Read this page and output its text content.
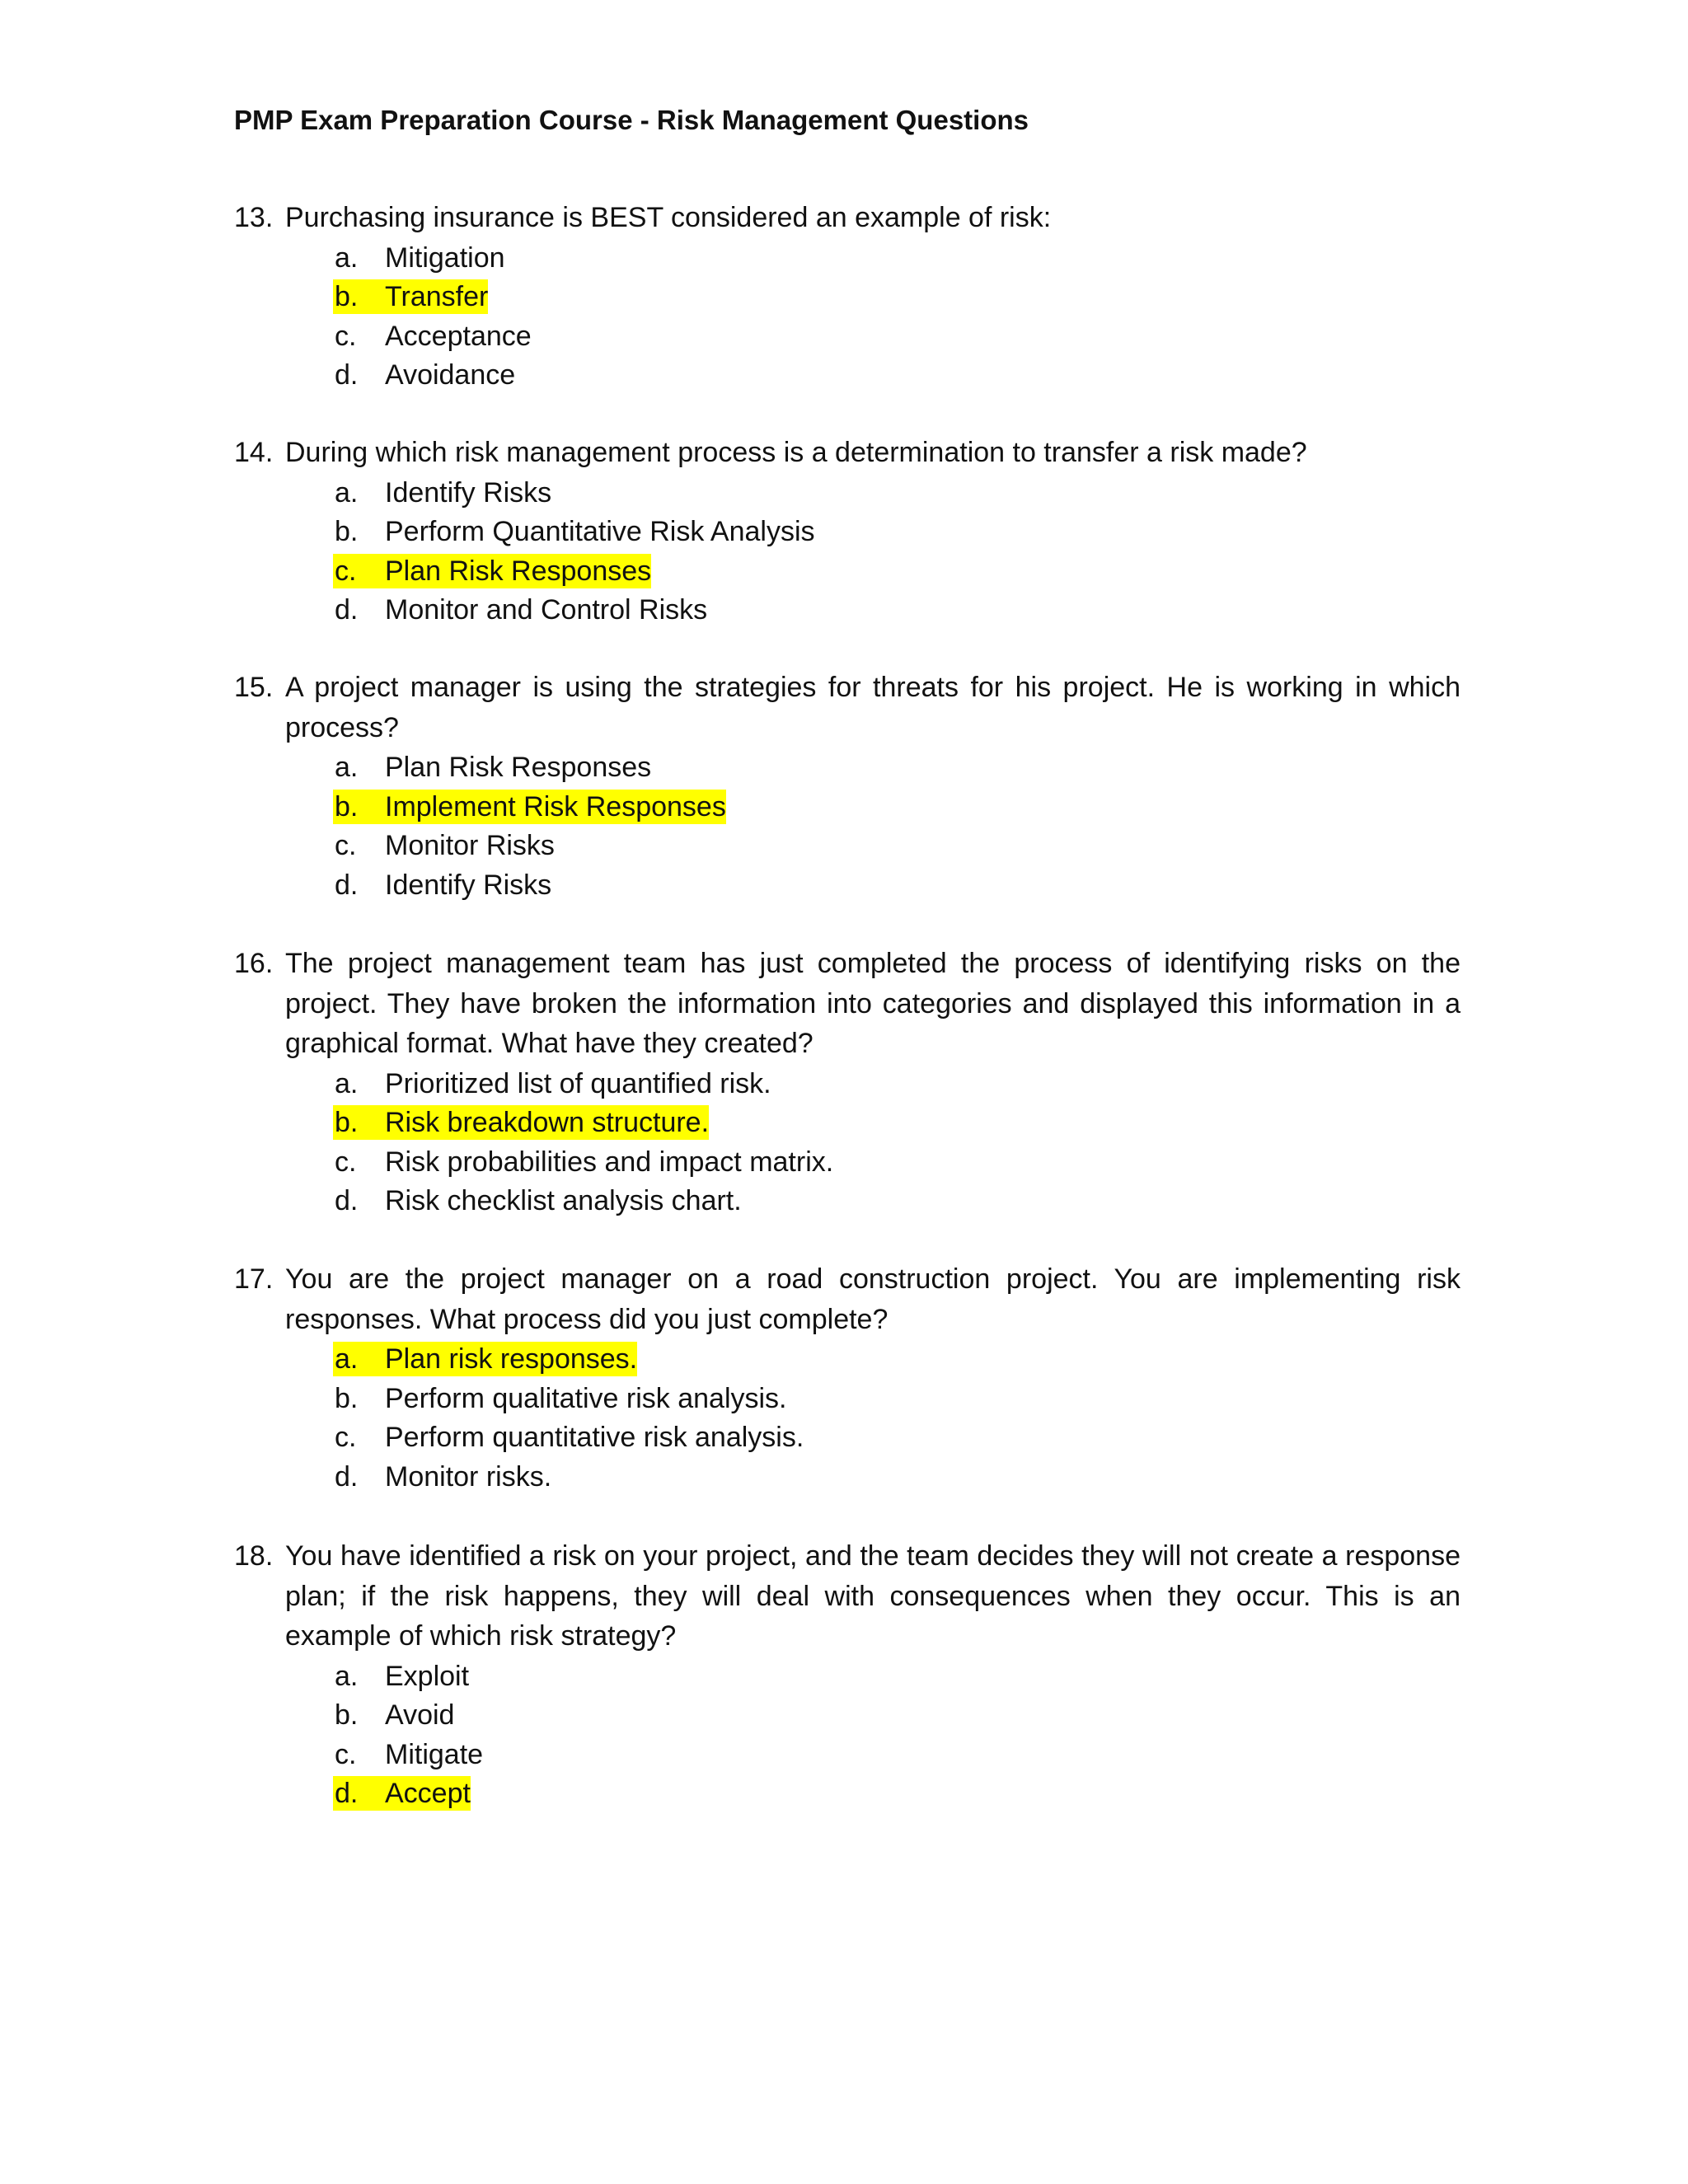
PMP Exam Preparation Course - Risk Management Questions
13. Purchasing insurance is BEST considered an example of risk:
a. Mitigation
b. Transfer
c.	Acceptance
d. Avoidance
14. During which risk management process is a determination to transfer a risk made?
a. Identify Risks
b. Perform Quantitative Risk Analysis
c.	Plan Risk Responses
d. Monitor and Control Risks
15. A project manager is using the strategies for threats for his project. He is working in which process?
a. Plan Risk Responses
b. Implement Risk Responses
c.	Monitor Risks
d. Identify Risks
16. The project management team has just completed the process of identifying risks on the project. They have broken the information into categories and displayed this information in a graphical format. What have they created?
a. Prioritized list of quantified risk.
b. Risk breakdown structure.
c.	Risk probabilities and impact matrix.
d. Risk checklist analysis chart.
17. You are the project manager on a road construction project. You are implementing risk responses. What process did you just complete?
a. Plan risk responses.
b. Perform qualitative risk analysis.
c.	Perform quantitative risk analysis.
d. Monitor risks.
18. You have identified a risk on your project, and the team decides they will not create a response plan; if the risk happens, they will deal with consequences when they occur. This is an example of which risk strategy?
a. Exploit
b. Avoid
c.	Mitigate
d. Accept
